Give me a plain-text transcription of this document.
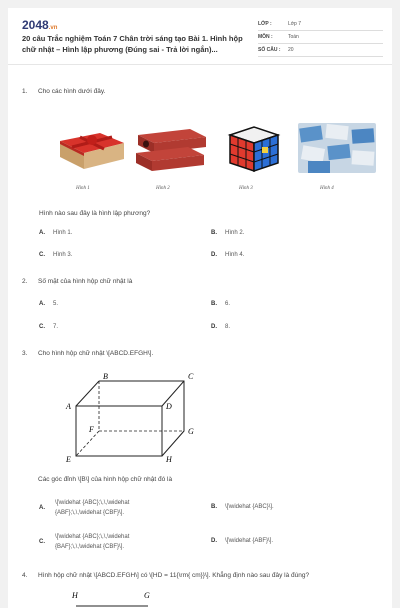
2048.vn
20 câu Trắc nghiệm Toán 7 Chân trời sáng tạo Bài 1. Hình hộp chữ nhật – Hình lập phương (Đúng sai - Trả lời ngắn)...
LỚP :	Lớp 7
MÔN :	Toán
SỐ CÂU :	20
1. Cho các hình dưới đây.
Hình 1	Hình 2	Hình 3	Hình 4
Hình nào sau đây là hình lập phương?
A. Hình 1.	B. Hình 2.
C. Hình 3.	D. Hình 4.
2. Số mặt của hình hộp chữ nhật là
A. 5.	B. 6.
C. 7.	D. 8.
3. Cho hình hộp chữ nhật \[ABCD.EFGH\].
B	C
A	D
F	G
E	H
Các góc đỉnh \[B\] của hình hộp chữ nhật đó là
A.
\[\widehat {ABC};\,\,\widehat
{ABF};\,\,\widehat {CBF}\].
B. \[\widehat {ABC}\].
C.
\[\widehat {ABC};\,\,\widehat
{BAF};\,\,\widehat {CBF}\].
D. \[\widehat {ABF}\].
4. Hình hộp chữ nhật \[ABCD.EFGH\] có \[HD = 11{\rm{ cm}}\]. Khẳng định nào sau đây là đúng?
H	G
